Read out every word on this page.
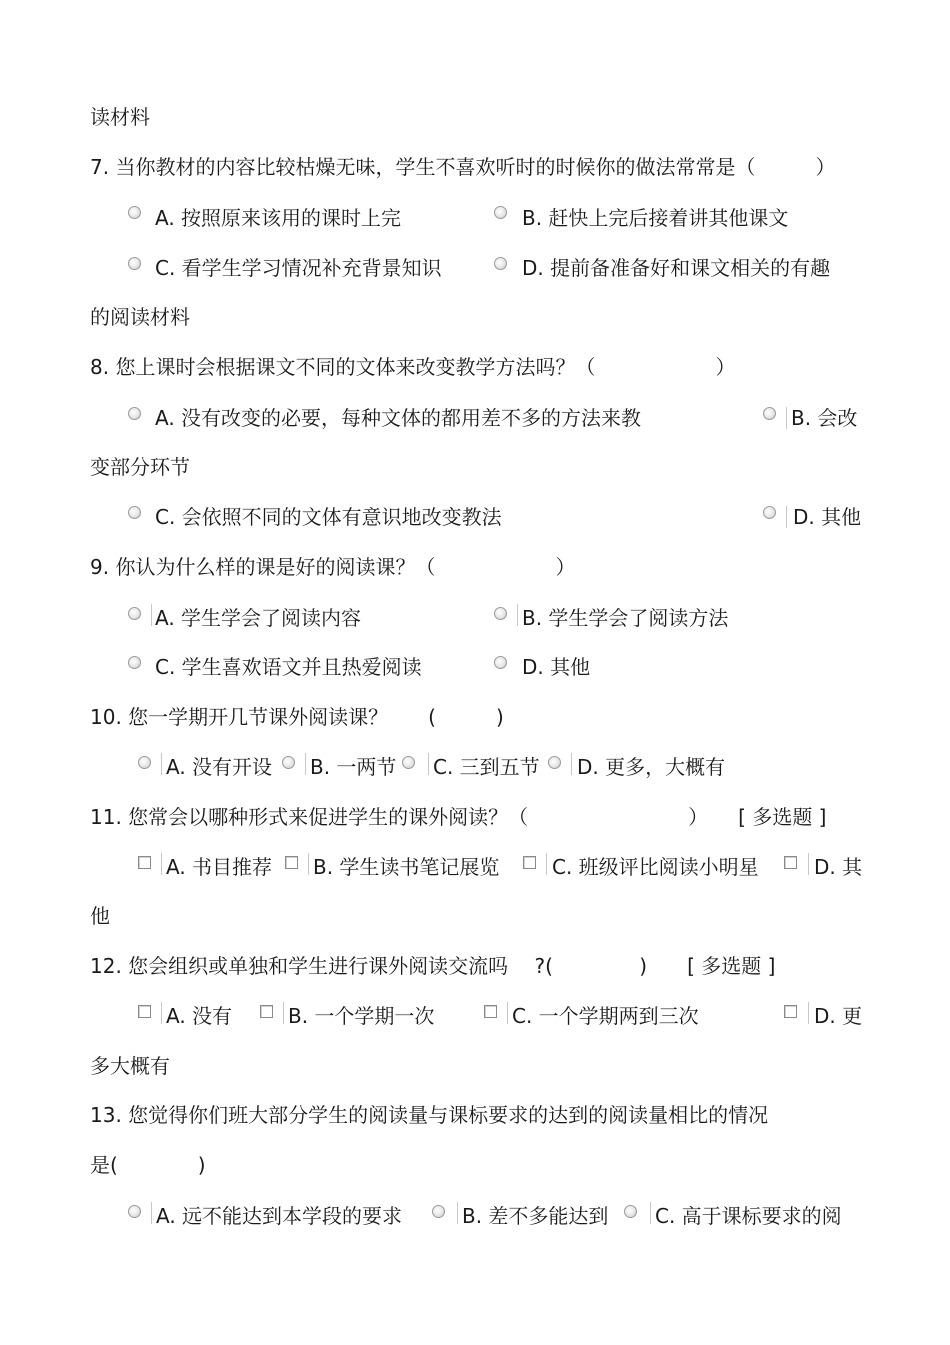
读材料
7. 当你教材的内容比较枯燥无味，学生不喜欢听时的时候你的做法常常是（　　　）
A. 按照原来该用的课时上完	B. 赶快上完后接着讲其他课文
C. 看学生学习情况补充背景知识	D. 提前备准备好和课文相关的有趣
的阅读材料
8. 您上课时会根据课文不同的文体来改变教学方法吗？（　　　　　　）
A. 没有改变的必要，每种文体的都用差不多的方法来教	B. 会改
变部分环节
C. 会依照不同的文体有意识地改变教法	D. 其他
9. 你认为什么样的课是好的阅读课？（　　　　　　）
A. 学生学会了阅读内容	B. 学生学会了阅读方法
C. 学生喜欢语文并且热爱阅读	D. 其他
10. 您一学期开几节课外阅读课？　　(　　　)
A. 没有开设 B. 一两节 C. 三到五节 D. 更多，大概有
11. 您常会以哪种形式来促进学生的课外阅读？（　　　　　　　　）　　[ 多选题 ]
A. 书目推荐 B. 学生读书笔记展览	C. 班级评比阅读小明星	D. 其
他
12. 您会组织或单独和学生进行课外阅读交流吗　 ?(　　　　 )　　[ 多选题 ]
A. 没有	B. 一个学期一次	C. 一个学期两到三次	D. 更
多大概有
13. 您觉得你们班大部分学生的阅读量与课标要求的达到的阅读量相比的情况
是(　　　　)
A. 远不能达到本学段的要求	B. 差不多能达到 C. 高于课标要求的阅
